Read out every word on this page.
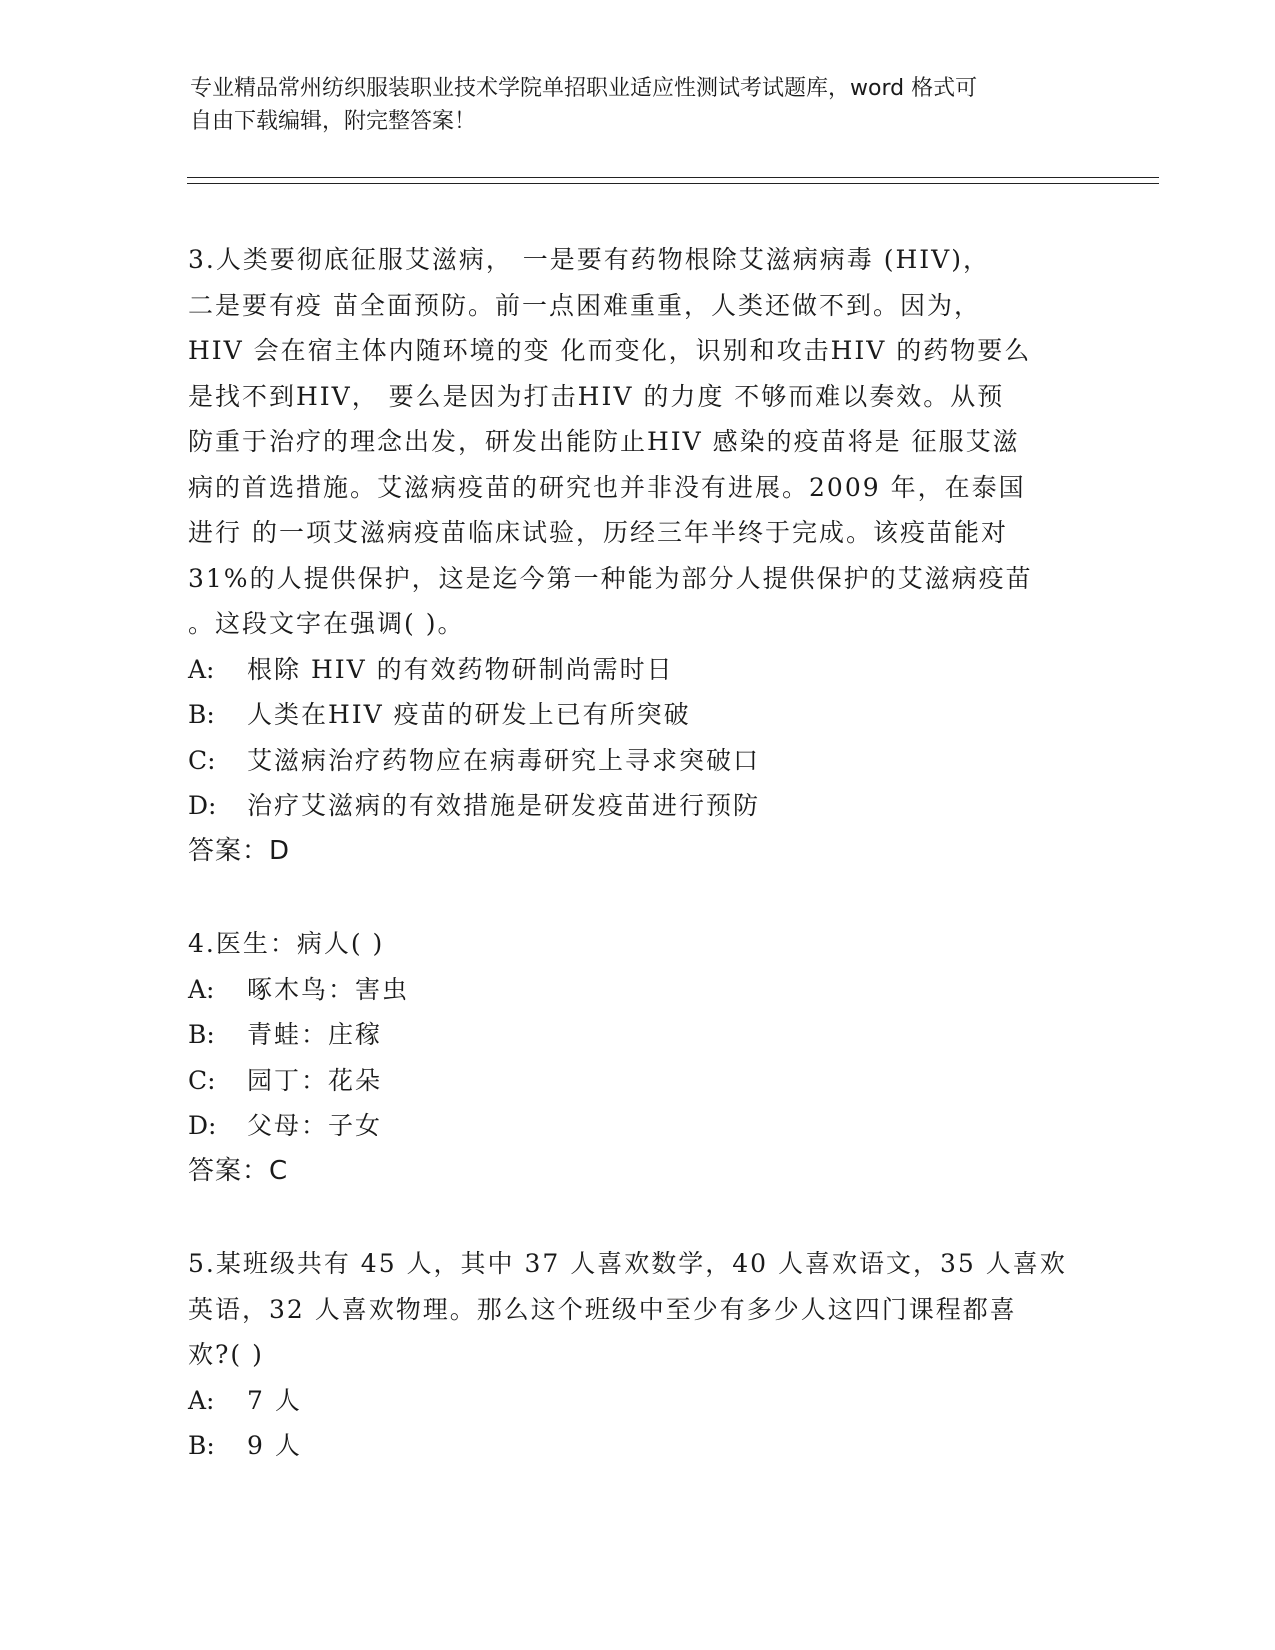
专业精品常州纺织服装职业技术学院单招职业适应性测试考试题库，word 格式可
自由下载编辑，附完整答案！

3.人类要彻底征服艾滋病， 一是要有药物根除艾滋病病毒 (HIV)，
二是要有疫 苗全面预防。前一点困难重重，人类还做不到。因为，
HIV 会在宿主体内随环境的变 化而变化，识别和攻击HIV 的药物要么
是找不到HIV， 要么是因为打击HIV 的力度 不够而难以奏效。从预
防重于治疗的理念出发，研发出能防止HIV 感染的疫苗将是 征服艾滋
病的首选措施。艾滋病疫苗的研究也并非没有进展。2009 年，在泰国
进行 的一项艾滋病疫苗临床试验，历经三年半终于完成。该疫苗能对
31%的人提供保护，这是迄今第一种能为部分人提供保护的艾滋病疫苗
。这段文字在强调( )。

A:	根除 HIV 的有效药物研制尚需时日
B:	人类在HIV 疫苗的研发上已有所突破
C:	艾滋病治疗药物应在病毒研究上寻求突破口
D:	治疗艾滋病的有效措施是研发疫苗进行预防
答案：D

4.医生：病人( )

A:	啄木鸟：害虫
B:	青蛙：庄稼
C:	园丁：花朵
D:	父母：子女
答案：C

5.某班级共有 45 人，其中 37 人喜欢数学，40 人喜欢语文，35 人喜欢
英语，32 人喜欢物理。那么这个班级中至少有多少人这四门课程都喜
欢?( )

A:	7 人
B:	9 人
